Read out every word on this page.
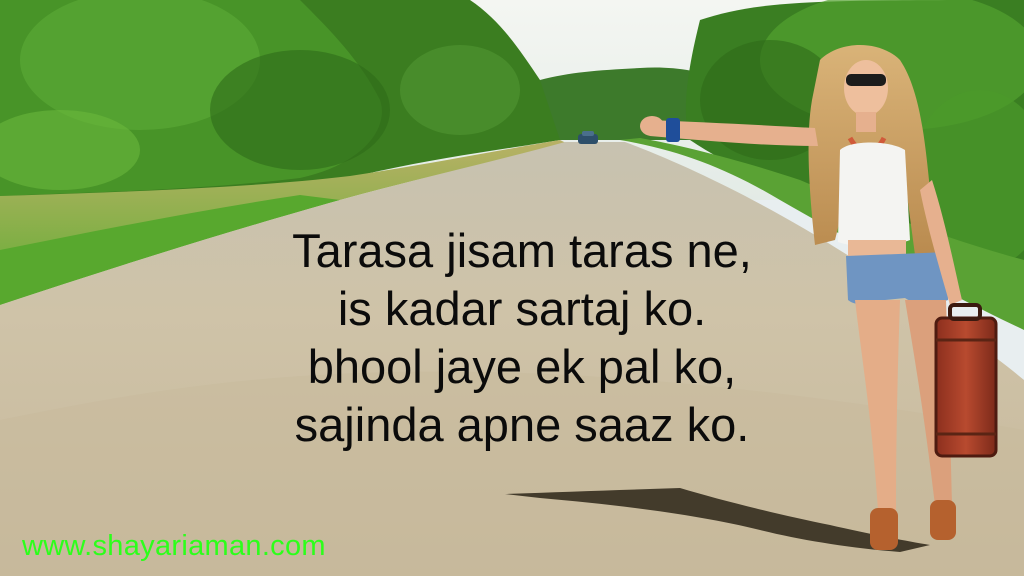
Tarasa jisam taras ne,
is kadar sartaj ko.
bhool jaye ek pal ko,
sajinda apne saaz ko.
www.shayariaman.com
